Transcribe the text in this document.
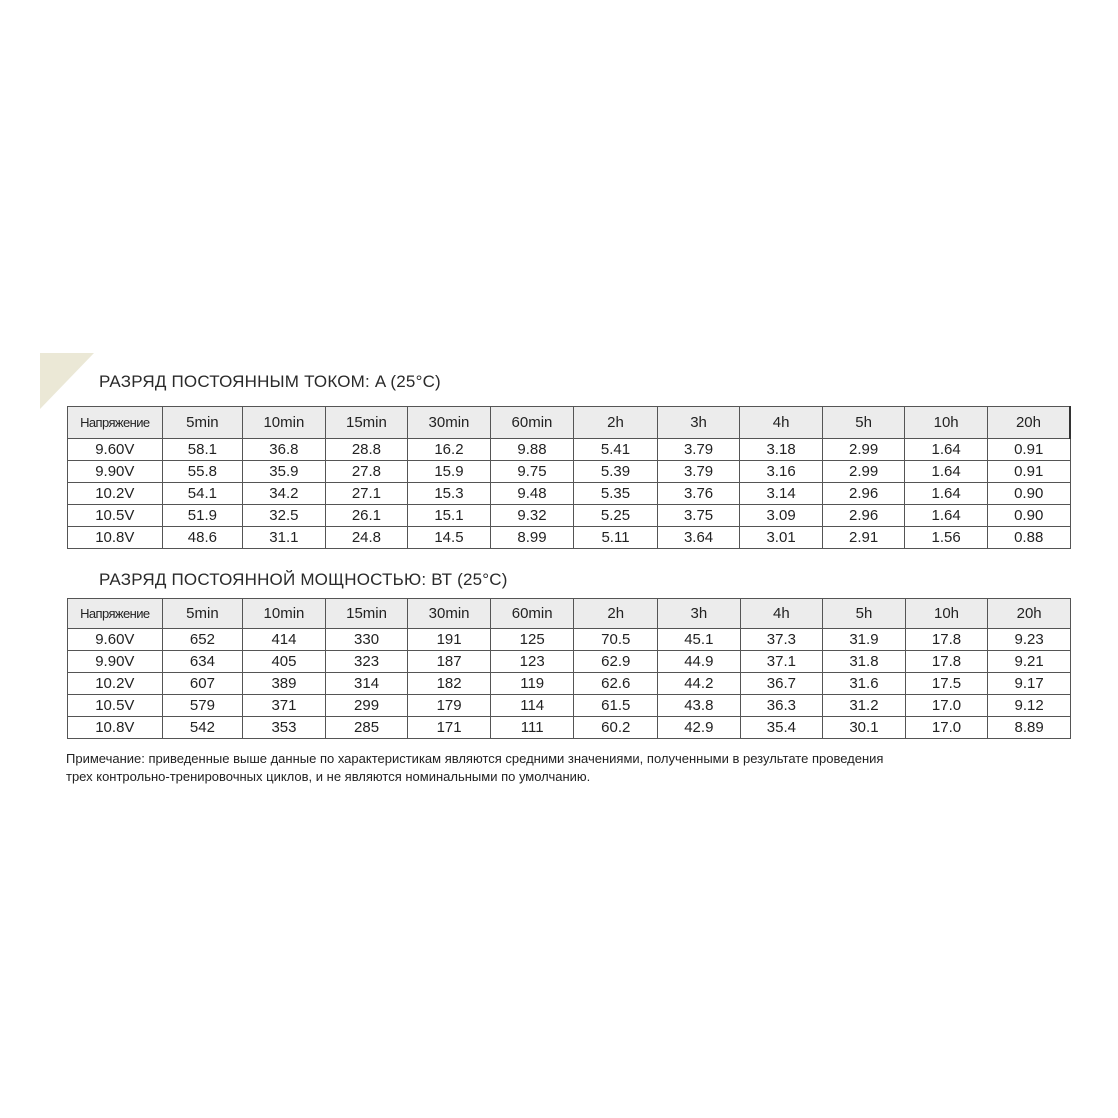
РАЗРЯД ПОСТОЯННЫМ ТОКОМ: A (25°C)
Напряжение	5min	10min	15min	30min	60min	2h	3h	4h	5h	10h	20h
9.60V	58.1	36.8	28.8	16.2	9.88	5.41	3.79	3.18	2.99	1.64	0.91
9.90V	55.8	35.9	27.8	15.9	9.75	5.39	3.79	3.16	2.99	1.64	0.91
10.2V	54.1	34.2	27.1	15.3	9.48	5.35	3.76	3.14	2.96	1.64	0.90
10.5V	51.9	32.5	26.1	15.1	9.32	5.25	3.75	3.09	2.96	1.64	0.90
10.8V	48.6	31.1	24.8	14.5	8.99	5.11	3.64	3.01	2.91	1.56	0.88
РАЗРЯД ПОСТОЯННОЙ МОЩНОСТЬЮ: ВТ (25°C)
Напряжение	5min	10min	15min	30min	60min	2h	3h	4h	5h	10h	20h
9.60V	652	414	330	191	125	70.5	45.1	37.3	31.9	17.8	9.23
9.90V	634	405	323	187	123	62.9	44.9	37.1	31.8	17.8	9.21
10.2V	607	389	314	182	119	62.6	44.2	36.7	31.6	17.5	9.17
10.5V	579	371	299	179	114	61.5	43.8	36.3	31.2	17.0	9.12
10.8V	542	353	285	171	111	60.2	42.9	35.4	30.1	17.0	8.89
Примечание: приведенные выше данные по характеристикам являются средними значениями, полученными в результате проведения
трех контрольно-тренировочных циклов, и не являются номинальными по умолчанию.
